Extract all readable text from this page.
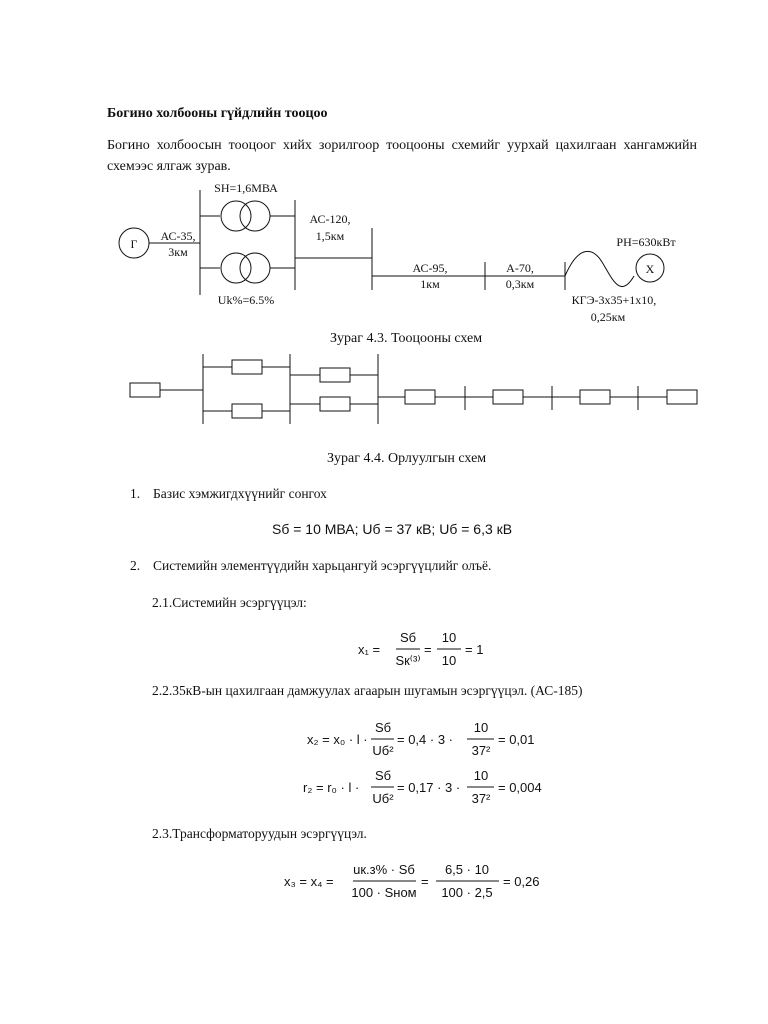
Богино холбооны гүйдлийн тооцоо
Богино холбоосын тооцоог хийх зорилгоор тооцооны схемийг уурхай цахилгаан хангамжийн схемээс ялгаж зурав.
Г
X
SH=1,6МВА
Uk%=6.5%
АС-35,
3км
АС-120,
1,5км
АС-95,
1км
А-70,
0,3км
PH=630кВт
КГЭ-3х35+1х10,
0,25км
x₁ =
Sб
Sк⁽³⁾
=
10
10
= 1
x₂ = x₀ · l ·
Sб
Uб²
= 0,4 · 3 ·
10
37²
= 0,01
r₂ = r₀ · l ·
Sб
Uб²
= 0,17 · 3 ·
10
37²
= 0,004
x₃ = x₄ =
uк.з% · Sб
100 · Sном
=
6,5 · 10
100 · 2,5
= 0,26
Зураг 4.3. Тооцооны схем
Зураг 4.4. Орлуулгын схем
1. Базис хэмжигдхүүнийг сонгох
Sб = 10 МВА; Uб = 37 кВ; Uб = 6,3 кВ
2. Системийн элементүүдийн харьцангуй эсэргүүцлийг олъё.
2.1.Системийн эсэргүүцэл:
2.2.35кВ-ын цахилгаан дамжуулах агаарын шугамын эсэргүүцэл. (АС-185)
2.3.Трансформаторуудын эсэргүүцэл.
